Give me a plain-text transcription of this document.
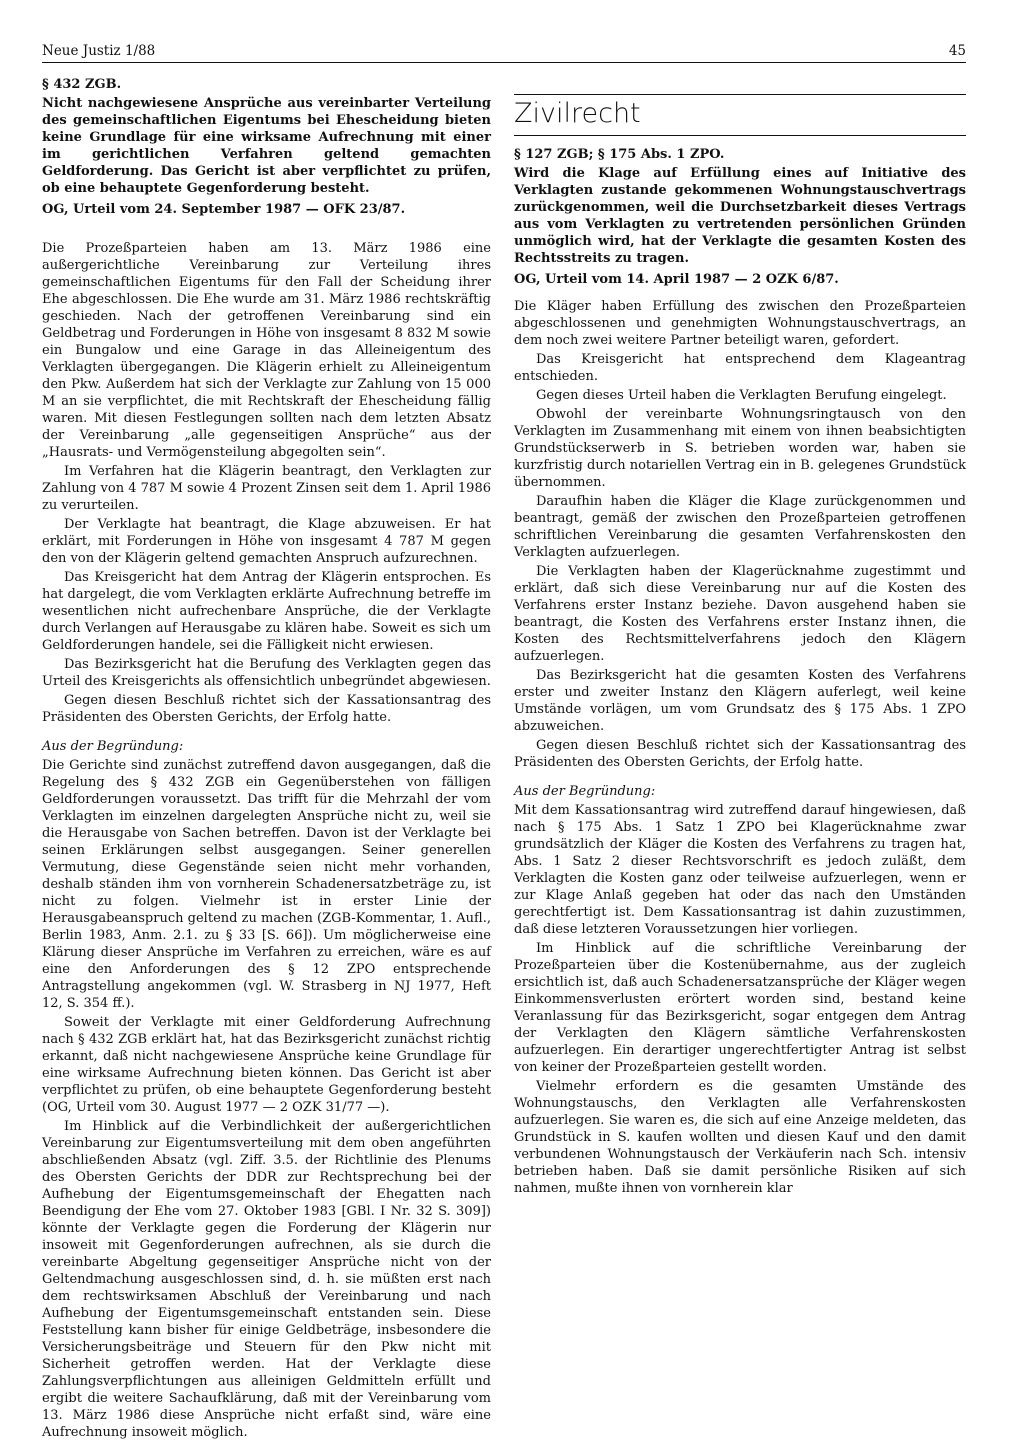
Neue Justiz 1/88	45
§ 432 ZGB.
Nicht nachgewiesene Ansprüche aus vereinbarter Verteilung des gemeinschaftlichen Eigentums bei Ehescheidung bieten keine Grundlage für eine wirksame Aufrechnung mit einer im gerichtlichen Verfahren geltend gemachten Geldforderung. Das Gericht ist aber verpflichtet zu prüfen, ob eine behauptete Gegenforderung besteht.
OG, Urteil vom 24. September 1987 — OFK 23/87.

Die Prozeßparteien haben am 13. März 1986 eine außergerichtliche Vereinbarung zur Verteilung ihres gemeinschaftlichen Eigentums für den Fall der Scheidung ihrer Ehe abgeschlossen. Die Ehe wurde am 31. März 1986 rechtskräftig geschieden. Nach der getroffenen Vereinbarung sind ein Geldbetrag und Forderungen in Höhe von insgesamt 8 832 M sowie ein Bungalow und eine Garage in das Alleineigentum des Verklagten übergegangen. Die Klägerin erhielt zu Alleineigentum den Pkw. Außerdem hat sich der Verklagte zur Zahlung von 15 000 M an sie verpflichtet, die mit Rechtskraft der Ehescheidung fällig waren. Mit diesen Festlegungen sollten nach dem letzten Absatz der Vereinbarung „alle gegenseitigen Ansprüche“ aus der „Hausrats- und Vermögensteilung abgegolten sein“.

Im Verfahren hat die Klägerin beantragt, den Verklagten zur Zahlung von 4 787 M sowie 4 Prozent Zinsen seit dem 1. April 1986 zu verurteilen.

Der Verklagte hat beantragt, die Klage abzuweisen. Er hat erklärt, mit Forderungen in Höhe von insgesamt 4 787 M gegen den von der Klägerin geltend gemachten Anspruch aufzurechnen.

Das Kreisgericht hat dem Antrag der Klägerin entsprochen. Es hat dargelegt, die vom Verklagten erklärte Aufrechnung betreffe im wesentlichen nicht aufrechenbare Ansprüche, die der Verklagte durch Verlangen auf Herausgabe zu klären habe. Soweit es sich um Geldforderungen handele, sei die Fälligkeit nicht erwiesen.

Das Bezirksgericht hat die Berufung des Verklagten gegen das Urteil des Kreisgerichts als offensichtlich unbegründet abgewiesen.

Gegen diesen Beschluß richtet sich der Kassationsantrag des Präsidenten des Obersten Gerichts, der Erfolg hatte.

Aus der Begründung:

Die Gerichte sind zunächst zutreffend davon ausgegangen, daß die Regelung des § 432 ZGB ein Gegenüberstehen von fälligen Geldforderungen voraussetzt. Das trifft für die Mehrzahl der vom Verklagten im einzelnen dargelegten Ansprüche nicht zu, weil sie die Herausgabe von Sachen betreffen. Davon ist der Verklagte bei seinen Erklärungen selbst ausgegangen. Seiner generellen Vermutung, diese Gegenstände seien nicht mehr vorhanden, deshalb ständen ihm von vornherein Schadenersatzbeträge zu, ist nicht zu folgen. Vielmehr ist in erster Linie der Herausgabeanspruch geltend zu machen (ZGB-Kommentar, 1. Aufl., Berlin 1983, Anm. 2.1. zu § 33 [S. 66]). Um möglicherweise eine Klärung dieser Ansprüche im Verfahren zu erreichen, wäre es auf eine den Anforderungen des § 12 ZPO entsprechende Antragstellung angekommen (vgl. W. Strasberg in NJ 1977, Heft 12, S. 354 ff.).

Soweit der Verklagte mit einer Geldforderung Aufrechnung nach § 432 ZGB erklärt hat, hat das Bezirksgericht zunächst richtig erkannt, daß nicht nachgewiesene Ansprüche keine Grundlage für eine wirksame Aufrechnung bieten können. Das Gericht ist aber verpflichtet zu prüfen, ob eine behauptete Gegenforderung besteht (OG, Urteil vom 30. August 1977 — 2 OZK 31/77 —).

Im Hinblick auf die Verbindlichkeit der außergerichtlichen Vereinbarung zur Eigentumsverteilung mit dem oben angeführten abschließenden Absatz (vgl. Ziff. 3.5. der Richtlinie des Plenums des Obersten Gerichts der DDR zur Rechtsprechung bei der Aufhebung der Eigentumsgemeinschaft der Ehegatten nach Beendigung der Ehe vom 27. Oktober 1983 [GBl. I Nr. 32 S. 309]) könnte der Verklagte gegen die Forderung der Klägerin nur insoweit mit Gegenforderungen aufrechnen, als sie durch die vereinbarte Abgeltung gegenseitiger Ansprüche nicht von der Geltendmachung ausgeschlossen sind, d. h. sie müßten erst nach dem rechtswirksamen Abschluß der Vereinbarung und nach Aufhebung der Eigentumsgemeinschaft entstanden sein. Diese Feststellung kann bisher für einige Geldbeträge, insbesondere die Versicherungsbeiträge und Steuern für den Pkw nicht mit Sicherheit getroffen werden. Hat der Verklagte diese Zahlungsverpflichtungen aus alleinigen Geldmitteln erfüllt und ergibt die weitere Sachaufklärung, daß mit der Vereinbarung vom 13. März 1986 diese Ansprüche nicht erfaßt sind, wäre eine Aufrechnung insoweit möglich.

Zivilrecht
§ 127 ZGB; § 175 Abs. 1 ZPO.
Wird die Klage auf Erfüllung eines auf Initiative des Verklagten zustande gekommenen Wohnungstauschvertrags zurückgenommen, weil die Durchsetzbarkeit dieses Vertrags aus vom Verklagten zu vertretenden persönlichen Gründen unmöglich wird, hat der Verklagte die gesamten Kosten des Rechtsstreits zu tragen.
OG, Urteil vom 14. April 1987 — 2 OZK 6/87.

Die Kläger haben Erfüllung des zwischen den Prozeßparteien abgeschlossenen und genehmigten Wohnungstauschvertrags, an dem noch zwei weitere Partner beteiligt waren, gefordert.

Das Kreisgericht hat entsprechend dem Klageantrag entschieden.

Gegen dieses Urteil haben die Verklagten Berufung eingelegt.

Obwohl der vereinbarte Wohnungsringtausch von den Verklagten im Zusammenhang mit einem von ihnen beabsichtigten Grundstückserwerb in S. betrieben worden war, haben sie kurzfristig durch notariellen Vertrag ein in B. gelegenes Grundstück übernommen.

Daraufhin haben die Kläger die Klage zurückgenommen und beantragt, gemäß der zwischen den Prozeßparteien getroffenen schriftlichen Vereinbarung die gesamten Verfahrenskosten den Verklagten aufzuerlegen.

Die Verklagten haben der Klagerücknahme zugestimmt und erklärt, daß sich diese Vereinbarung nur auf die Kosten des Verfahrens erster Instanz beziehe. Davon ausgehend haben sie beantragt, die Kosten des Verfahrens erster Instanz ihnen, die Kosten des Rechtsmittelverfahrens jedoch den Klägern aufzuerlegen.

Das Bezirksgericht hat die gesamten Kosten des Verfahrens erster und zweiter Instanz den Klägern auferlegt, weil keine Umstände vorlägen, um vom Grundsatz des § 175 Abs. 1 ZPO abzuweichen.

Gegen diesen Beschluß richtet sich der Kassationsantrag des Präsidenten des Obersten Gerichts, der Erfolg hatte.

Aus der Begründung:

Mit dem Kassationsantrag wird zutreffend darauf hingewiesen, daß nach § 175 Abs. 1 Satz 1 ZPO bei Klagerücknahme zwar grundsätzlich der Kläger die Kosten des Verfahrens zu tragen hat, Abs. 1 Satz 2 dieser Rechtsvorschrift es jedoch zuläßt, dem Verklagten die Kosten ganz oder teilweise aufzuerlegen, wenn er zur Klage Anlaß gegeben hat oder das nach den Umständen gerechtfertigt ist. Dem Kassationsantrag ist dahin zuzustimmen, daß diese letzteren Voraussetzungen hier vorliegen.

Im Hinblick auf die schriftliche Vereinbarung der Prozeßparteien über die Kostenübernahme, aus der zugleich ersichtlich ist, daß auch Schadenersatzansprüche der Kläger wegen Einkommensverlusten erörtert worden sind, bestand keine Veranlassung für das Bezirksgericht, sogar entgegen dem Antrag der Verklagten den Klägern sämtliche Verfahrenskosten aufzuerlegen. Ein derartiger ungerechtfertigter Antrag ist selbst von keiner der Prozeßparteien gestellt worden.

Vielmehr erfordern es die gesamten Umstände des Wohnungstauschs, den Verklagten alle Verfahrenskosten aufzuerlegen. Sie waren es, die sich auf eine Anzeige meldeten, das Grundstück in S. kaufen wollten und diesen Kauf und den damit verbundenen Wohnungstausch der Verkäuferin nach Sch. intensiv betrieben haben. Daß sie damit persönliche Risiken auf sich nahmen, mußte ihnen von vornherein klar
